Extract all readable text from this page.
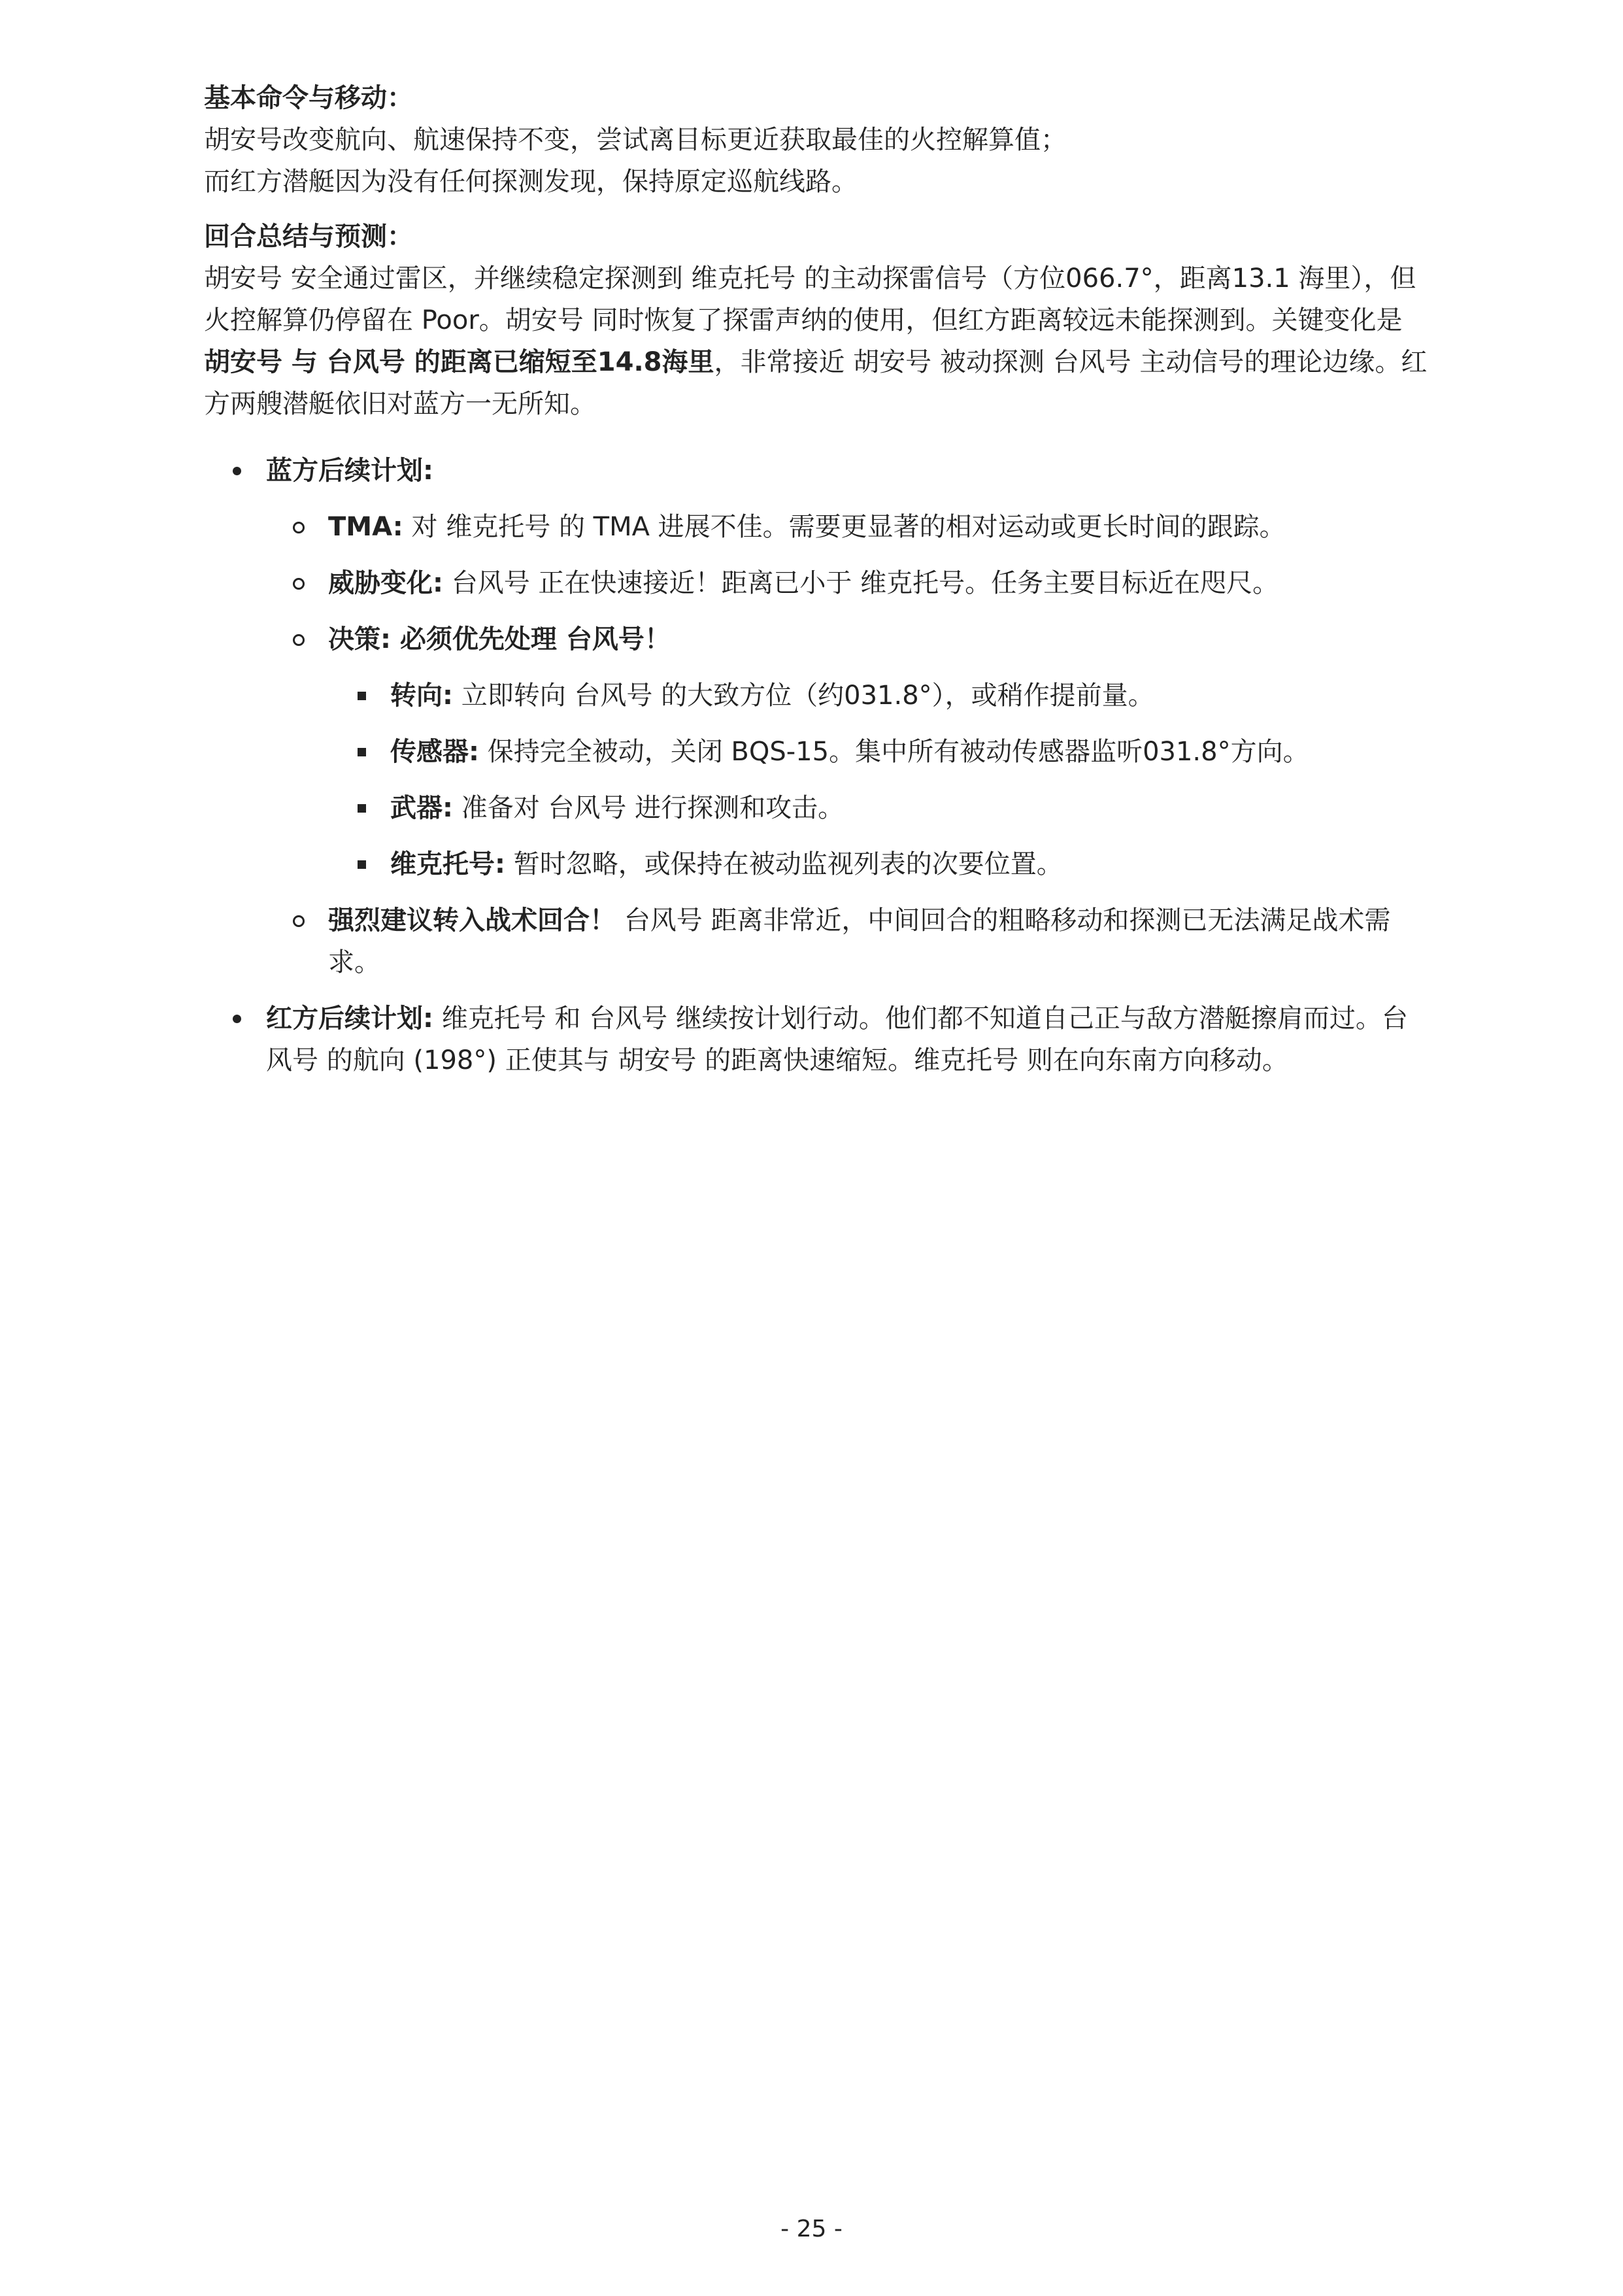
基本命令与移动：

胡安号改变航向、航速保持不变，尝试离目标更近获取最佳的火控解算值；

而红方潜艇因为没有任何探测发现，保持原定巡航线路。

回合总结与预测：

胡安号 安全通过雷区，并继续稳定探测到 维克托号 的主动探雷信号（方位066.7°，距离13.1 海里），但火控解算仍停留在 Poor。胡安号 同时恢复了探雷声纳的使用，但红方距离较远未能探测到。关键变化是 胡安号 与 台风号 的距离已缩短至14.8海里，非常接近 胡安号 被动探测 台风号 主动信号的理论边缘。红方两艘潜艇依旧对蓝方一无所知。

蓝方后续计划:
TMA: 对 维克托号 的 TMA 进展不佳。需要更显著的相对运动或更长时间的跟踪。
威胁变化: 台风号 正在快速接近！距离已小于 维克托号。任务主要目标近在咫尺。
决策: 必须优先处理 台风号！
转向: 立即转向 台风号 的大致方位（约031.8°），或稍作提前量。
传感器: 保持完全被动，关闭 BQS-15。集中所有被动传感器监听031.8°方向。
武器: 准备对 台风号 进行探测和攻击。
维克托号: 暂时忽略，或保持在被动监视列表的次要位置。
强烈建议转入战术回合！ 台风号 距离非常近，中间回合的粗略移动和探测已无法满足战术需求。
红方后续计划: 维克托号 和 台风号 继续按计划行动。他们都不知道自己正与敌方潜艇擦肩而过。台风号 的航向 (198°) 正使其与 胡安号 的距离快速缩短。维克托号 则在向东南方向移动。
- 25 -
